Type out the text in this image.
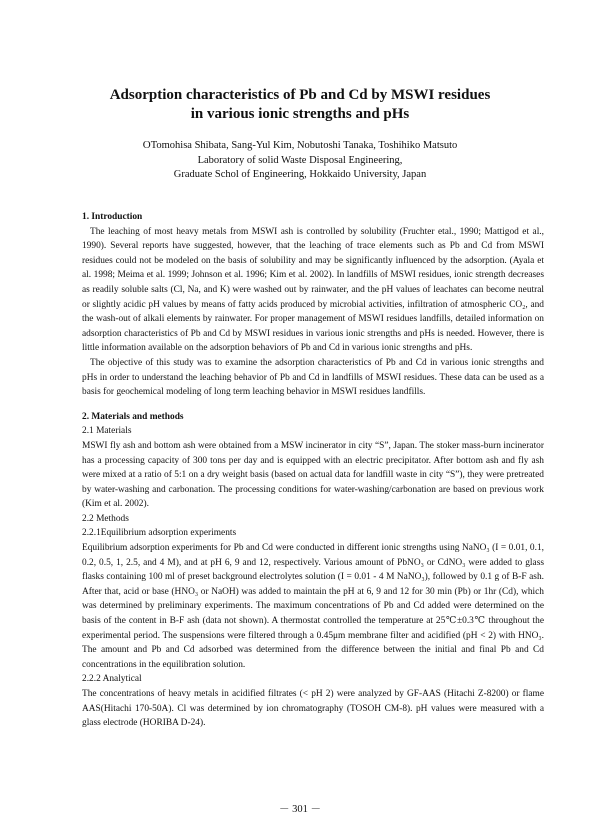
Adsorption characteristics of Pb and Cd by MSWI residues
in various ionic strengths and pHs
OTomohisa Shibata, Sang-Yul Kim, Nobutoshi Tanaka, Toshihiko Matsuto
Laboratory of solid Waste Disposal Engineering,
Graduate Schol of Engineering, Hokkaido University, Japan

1. Introduction

The leaching of most heavy metals from MSWI ash is controlled by solubility (Fruchter etal., 1990; Mattigod et al., 1990). Several reports have suggested, however, that the leaching of trace elements such as Pb and Cd from MSWI residues could not be modeled on the basis of solubility and may be significantly influenced by the adsorption. (Ayala et al. 1998; Meima et al. 1999; Johnson et al. 1996; Kim et al. 2002). In landfills of MSWI residues, ionic strength decreases as readily soluble salts (Cl, Na, and K) were washed out by rainwater, and the pH values of leachates can become neutral or slightly acidic pH values by means of fatty acids produced by microbial activities, infiltration of atmospheric CO₂, and the wash-out of alkali elements by rainwater. For proper management of MSWI residues landfills, detailed information on adsorption characteristics of Pb and Cd by MSWI residues in various ionic strengths and pHs is needed. However, there is little information available on the adsorption behaviors of Pb and Cd in various ionic strengths and pHs.

The objective of this study was to examine the adsorption characteristics of Pb and Cd in various ionic strengths and pHs in order to understand the leaching behavior of Pb and Cd in landfills of MSWI residues. These data can be used as a basis for geochemical modeling of long term leaching behavior in MSWI residues landfills.

2. Materials and methods

2.1 Materials

MSWI fly ash and bottom ash were obtained from a MSW incinerator in city “S”, Japan. The stoker mass-burn incinerator has a processing capacity of 300 tons per day and is equipped with an electric precipitator. After bottom ash and fly ash were mixed at a ratio of 5:1 on a dry weight basis (based on actual data for landfill waste in city “S”), they were pretreated by water-washing and carbonation. The processing conditions for water-washing/carbonation are based on previous work (Kim et al. 2002).

2.2 Methods

2.2.1Equilibrium adsorption experiments

Equilibrium adsorption experiments for Pb and Cd were conducted in different ionic strengths using NaNO₃ (I = 0.01, 0.1, 0.2, 0.5, 1, 2.5, and 4 M), and at pH 6, 9 and 12, respectively. Various amount of PbNO₃ or CdNO₃ were added to glass flasks containing 100 ml of preset background electrolytes solution (I = 0.01 - 4 M NaNO₃), followed by 0.1 g of B-F ash. After that, acid or base (HNO₃ or NaOH) was added to maintain the pH at 6, 9 and 12 for 30 min (Pb) or 1hr (Cd), which was determined by preliminary experiments. The maximum concentrations of Pb and Cd added were determined on the basis of the content in B-F ash (data not shown). A thermostat controlled the temperature at 25℃±0.3℃ throughout the experimental period. The suspensions were filtered through a 0.45μm membrane filter and acidified (pH < 2) with HNO₃. The amount and Pb and Cd adsorbed was determined from the difference between the initial and final Pb and Cd concentrations in the equilibration solution.

2.2.2 Analytical

The concentrations of heavy metals in acidified filtrates (< pH 2) were analyzed by GF-AAS (Hitachi Z-8200) or flame AAS(Hitachi 170-50A). Cl was determined by ion chromatography (TOSOH CM-8). pH values were measured with a glass electrode (HORIBA D-24).

－ 301 －
